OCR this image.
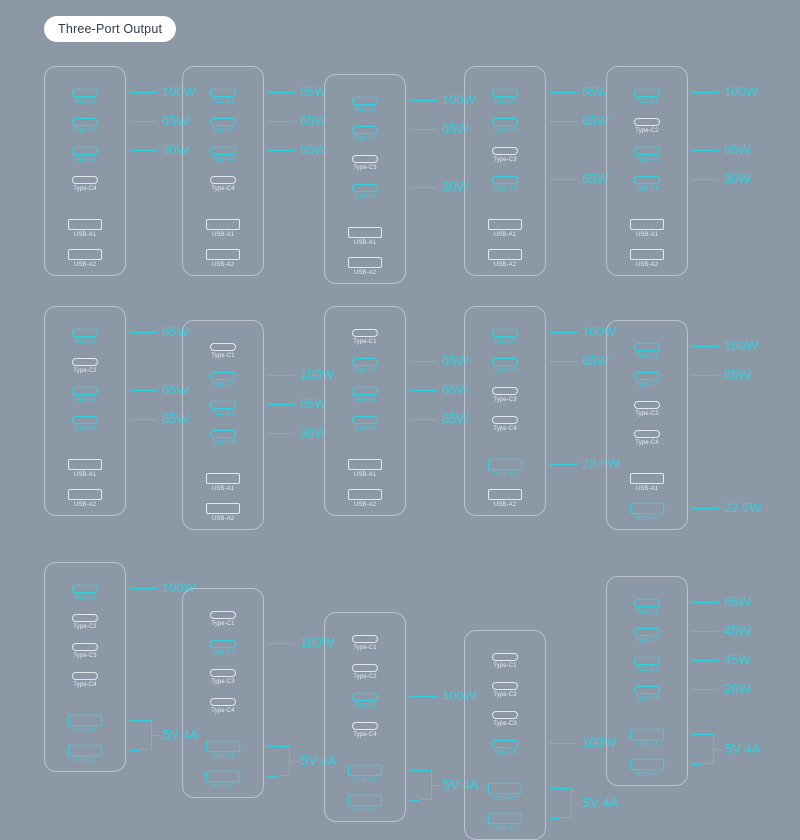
Three-Port Output
Type-C1
Type-C2
Type-C3
Type-C4
USB-A1
USB-A2
100W
65W
30W
Type-C1
Type-C2
Type-C3
Type-C4
USB-A1
USB-A2
65W
65W
65W
Type-C1
Type-C2
Type-C3
Type-C4
USB-A1
USB-A2
100W
65W
30W
Type-C1
Type-C2
Type-C3
Type-C4
USB-A1
USB-A2
65W
65W
65W
Type-C1
Type-C2
Type-C3
Type-C4
USB-A1
USB-A2
100W
65W
30W
Type-C1
Type-C2
Type-C3
Type-C4
USB-A1
USB-A2
65W
65W
65W
Type-C1
Type-C2
Type-C3
Type-C4
USB-A1
USB-A2
100W
65W
30W
Type-C1
Type-C2
Type-C3
Type-C4
USB-A1
USB-A2
65W
65W
65W
Type-C1
Type-C2
Type-C3
Type-C4
USB-A1
USB-A2
100W
65W
22.5W
Type-C1
Type-C2
Type-C3
Type-C4
USB-A1
USB-A2
100W
65W
22.5W
Type-C1
Type-C2
Type-C3
Type-C4
USB-A1
USB-A2
100W
5V 4A
Type-C1
Type-C2
Type-C3
Type-C4
USB-A1
USB-A2
100W
5V 4A
Type-C1
Type-C2
Type-C3
Type-C4
USB-A1
USB-A2
100W
5V 4A
Type-C1
Type-C2
Type-C3
Type-C4
USB-A1
USB-A2
100W
5V 4A
Type-C1
Type-C2
Type-C3
Type-C4
USB-A1
USB-A2
65W
45W
45W
20W
5V 4A
